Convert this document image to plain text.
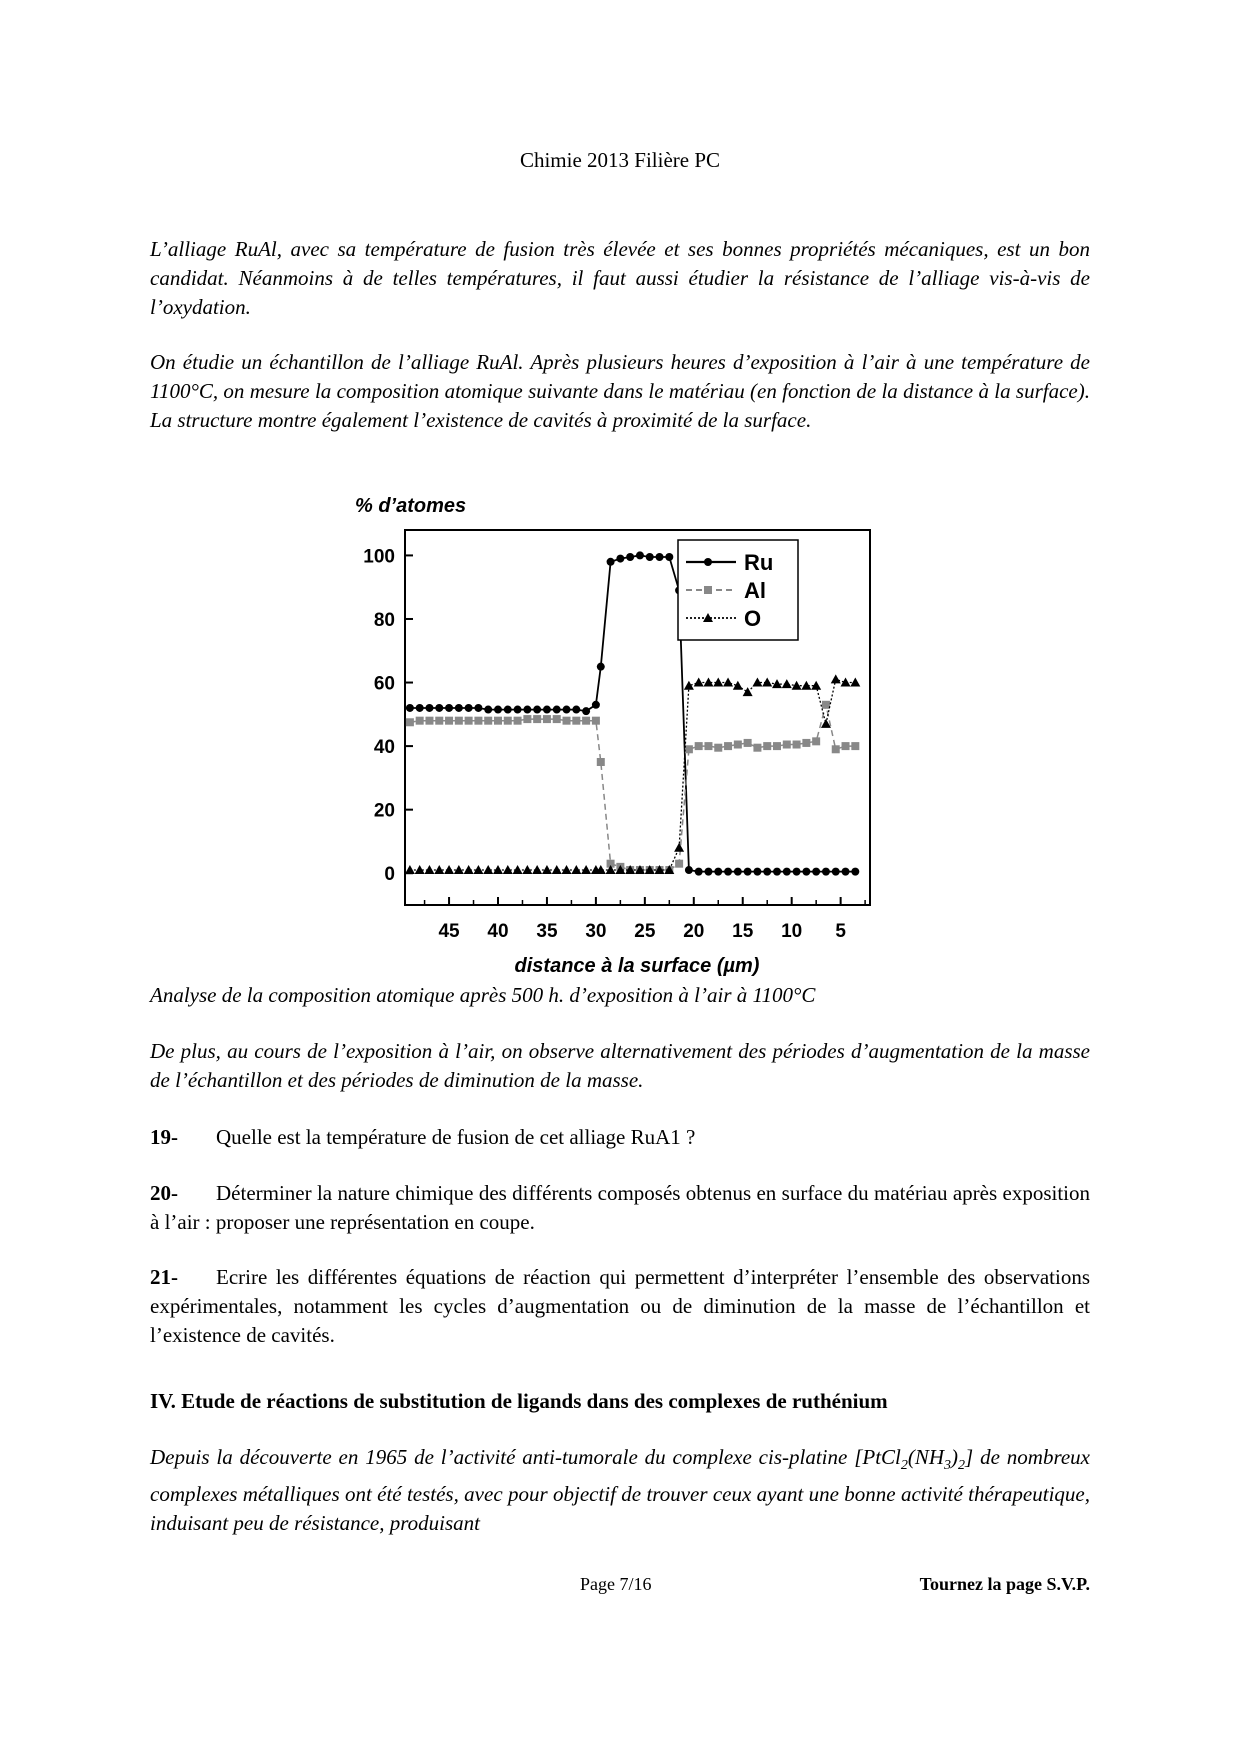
Chimie 2013 Filière PC

L’alliage RuAl, avec sa température de fusion très élevée et ses bonnes propriétés mécaniques, est un bon candidat. Néanmoins à de telles températures, il faut aussi étudier la résistance de l’alliage vis-à-vis de l’oxydation.

On étudie un échantillon de l’alliage RuAl. Après plusieurs heures d’exposition à l’air à une température de 1100°C, on mesure la composition atomique suivante dans le matériau (en fonction de la distance à la surface). La structure montre également l’existence de cavités à proximité de la surface.

% d’atomes
0
20
40
60
80
100
45 40 35 30 25 20 15 10 5
Ru
Al
O
distance à la surface (µm)
Analyse de la composition atomique après 500 h. d’exposition à l’air à 1100°C

De plus, au cours de l’exposition à l’air, on observe alternativement des périodes d’augmentation de la masse de l’échantillon et des périodes de diminution de la masse.

19- Quelle est la température de fusion de cet alliage RuA1 ?

20- Déterminer la nature chimique des différents composés obtenus en surface du matériau après exposition à l’air : proposer une représentation en coupe.

21- Ecrire les différentes équations de réaction qui permettent d’interpréter l’ensemble des observations expérimentales, notamment les cycles d’augmentation ou de diminution de la masse de l’échantillon et l’existence de cavités.

IV. Etude de réactions de substitution de ligands dans des complexes de ruthénium

Depuis la découverte en 1965 de l’activité anti-tumorale du complexe cis-platine $[PtCl_2(NH_3)_2]$ de nombreux complexes métalliques ont été testés, avec pour objectif de trouver ceux ayant une bonne activité thérapeutique, induisant peu de résistance, produisant

Page 7/16	Tournez la page S.V.P.
